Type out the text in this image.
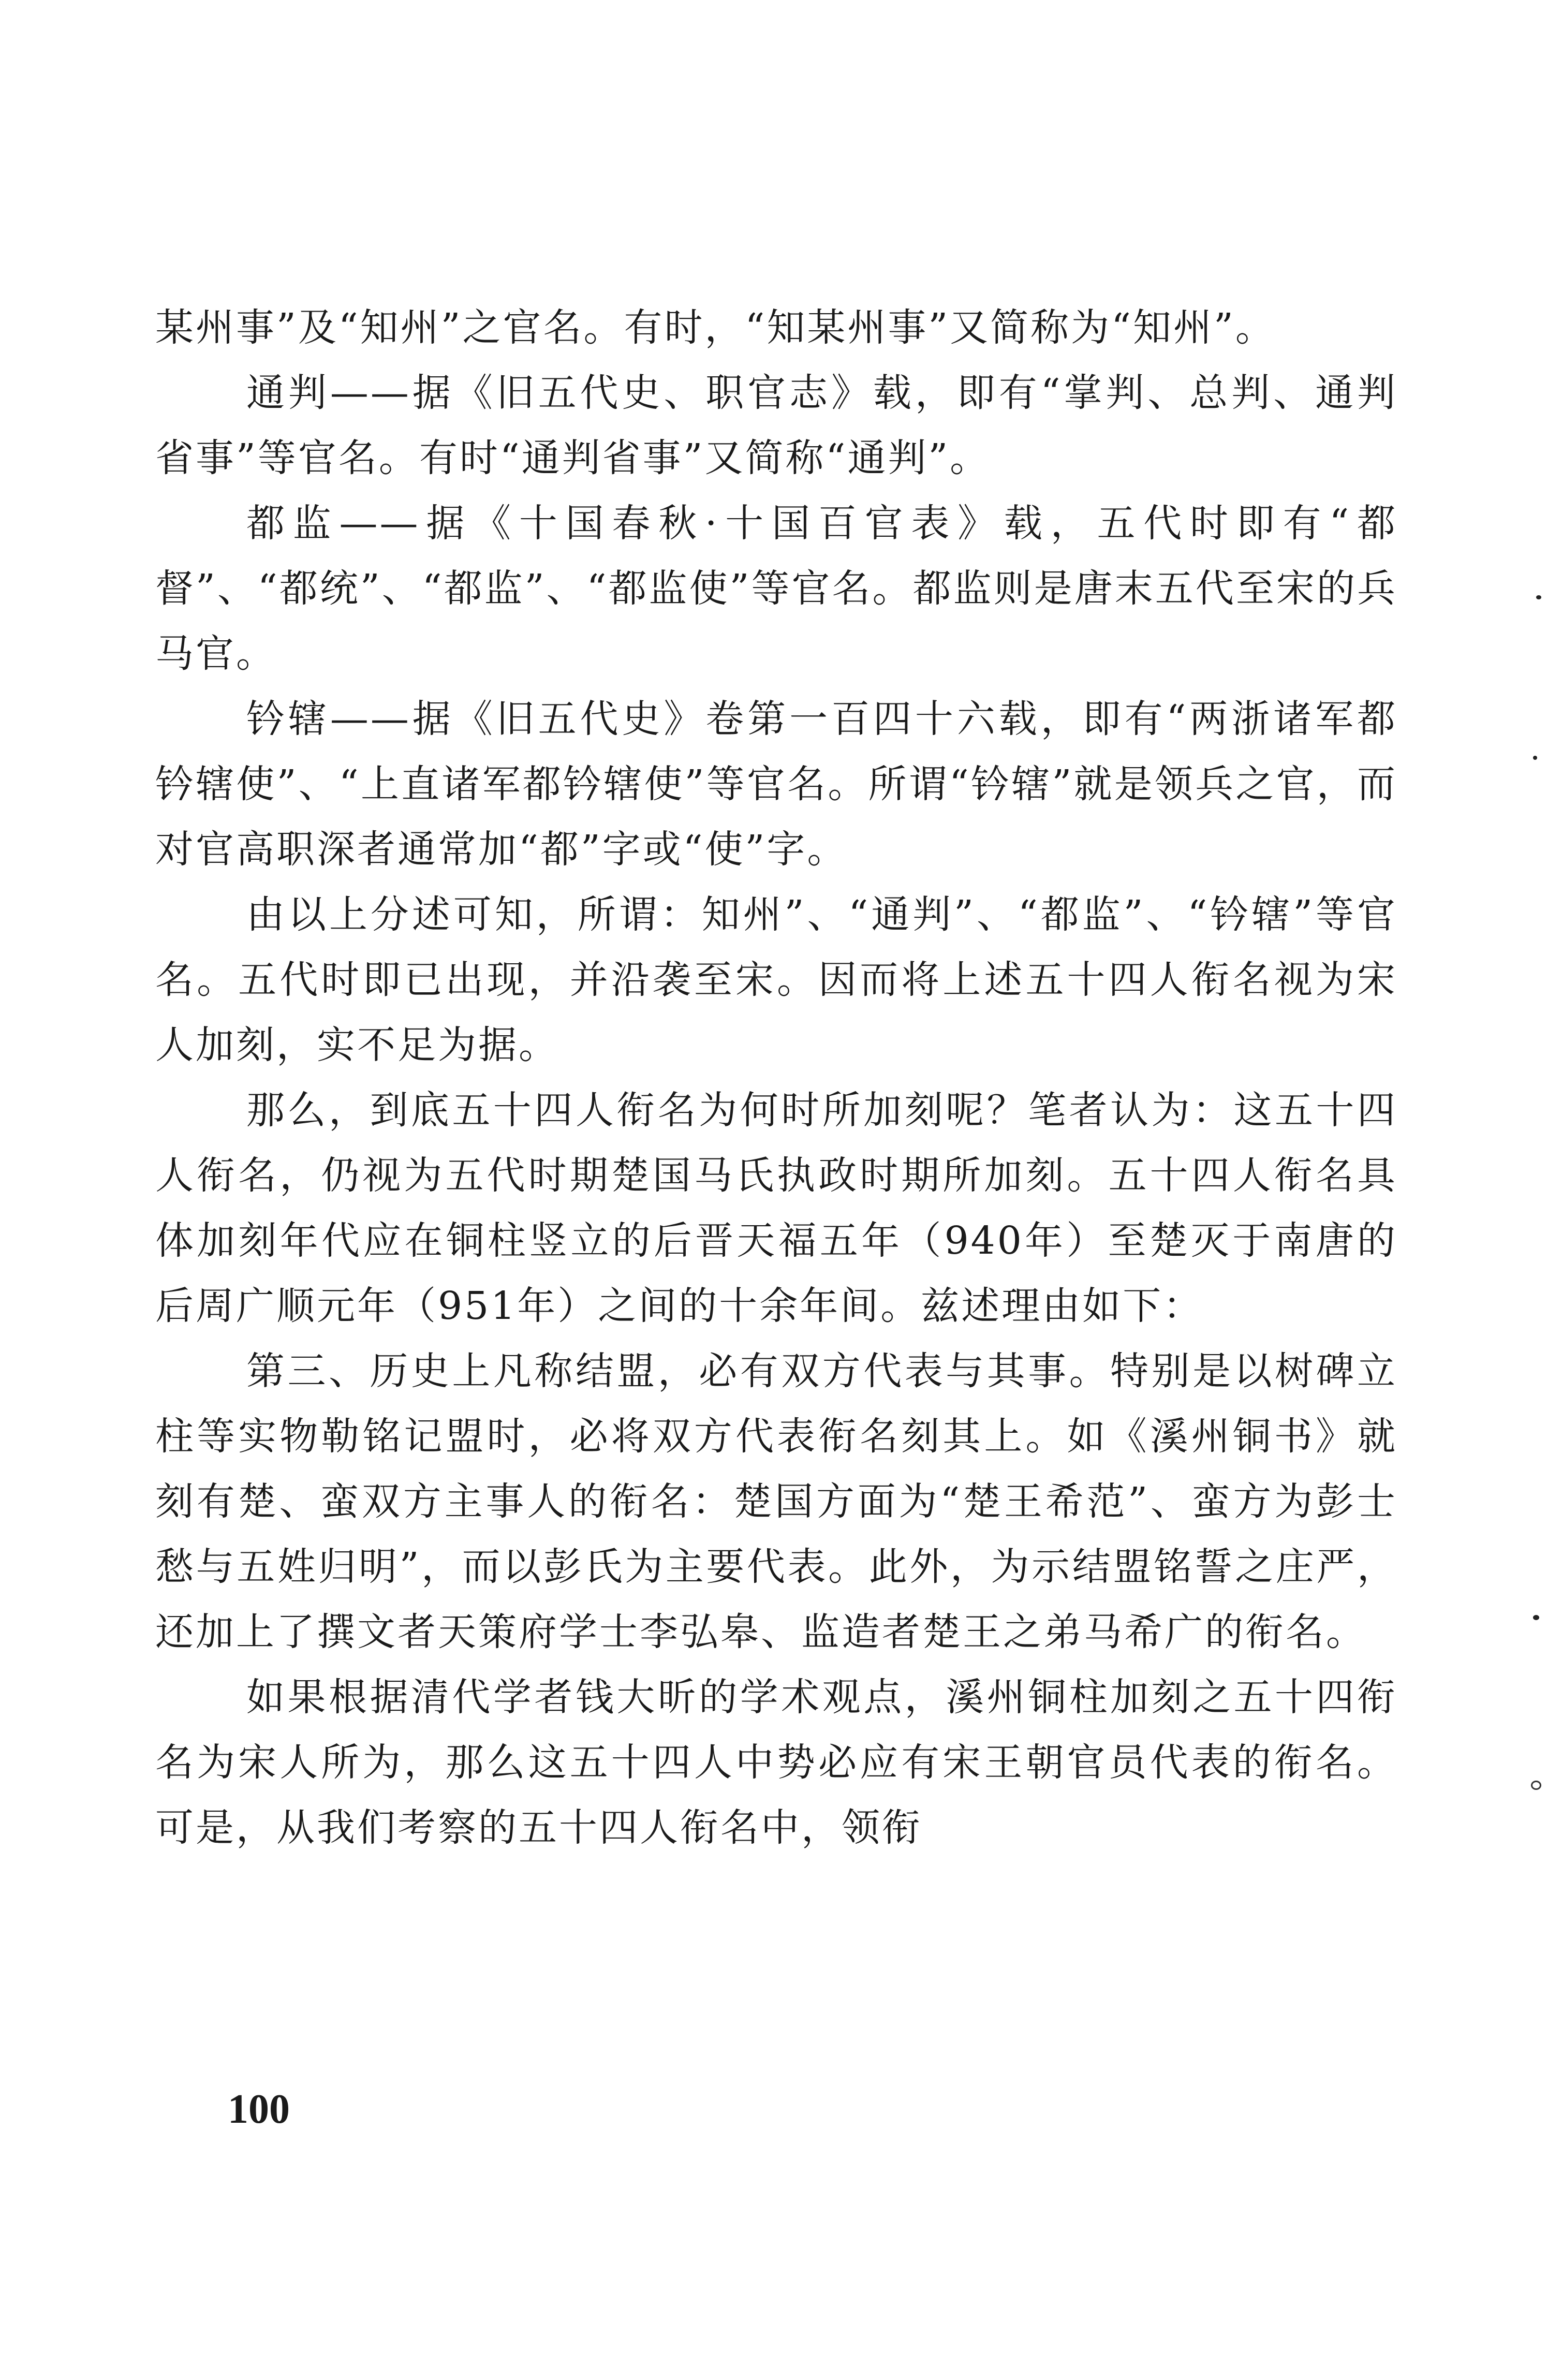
某州事”及“知州”之官名。有时，“知某州事”又简称为“知州”。

通判——据《旧五代史、职官志》载，即有“掌判、总判、通判省事”等官名。有时“通判省事”又简称“通判”。

都监——据《十国春秋·十国百官表》载，五代时即有“都督”、“都统”、“都监”、“都监使”等官名。都监则是唐末五代至宋的兵马官。

钤辖——据《旧五代史》卷第一百四十六载，即有“两浙诸军都钤辖使”、“上直诸军都钤辖使”等官名。所谓“钤辖”就是领兵之官，而对官高职深者通常加“都”字或“使”字。

由以上分述可知，所谓：知州”、“通判”、“都监”、“钤辖”等官名。五代时即已出现，并沿袭至宋。因而将上述五十四人衔名视为宋人加刻，实不足为据。

那么，到底五十四人衔名为何时所加刻呢？笔者认为：这五十四人衔名，仍视为五代时期楚国马氏执政时期所加刻。五十四人衔名具体加刻年代应在铜柱竖立的后晋天福五年（940年）至楚灭于南唐的后周广顺元年（951年）之间的十余年间。兹述理由如下：

第三、历史上凡称结盟，必有双方代表与其事。特别是以树碑立柱等实物勒铭记盟时，必将双方代表衔名刻其上。如《溪州铜书》就刻有楚、蛮双方主事人的衔名：楚国方面为“楚王希范”、蛮方为彭士愁与五姓归明”，而以彭氏为主要代表。此外，为示结盟铭誓之庄严，还加上了撰文者天策府学士李弘皋、监造者楚王之弟马希广的衔名。

如果根据清代学者钱大昕的学术观点，溪州铜柱加刻之五十四衔名为宋人所为，那么这五十四人中势必应有宋王朝官员代表的衔名。可是，从我们考察的五十四人衔名中，领衔

100
